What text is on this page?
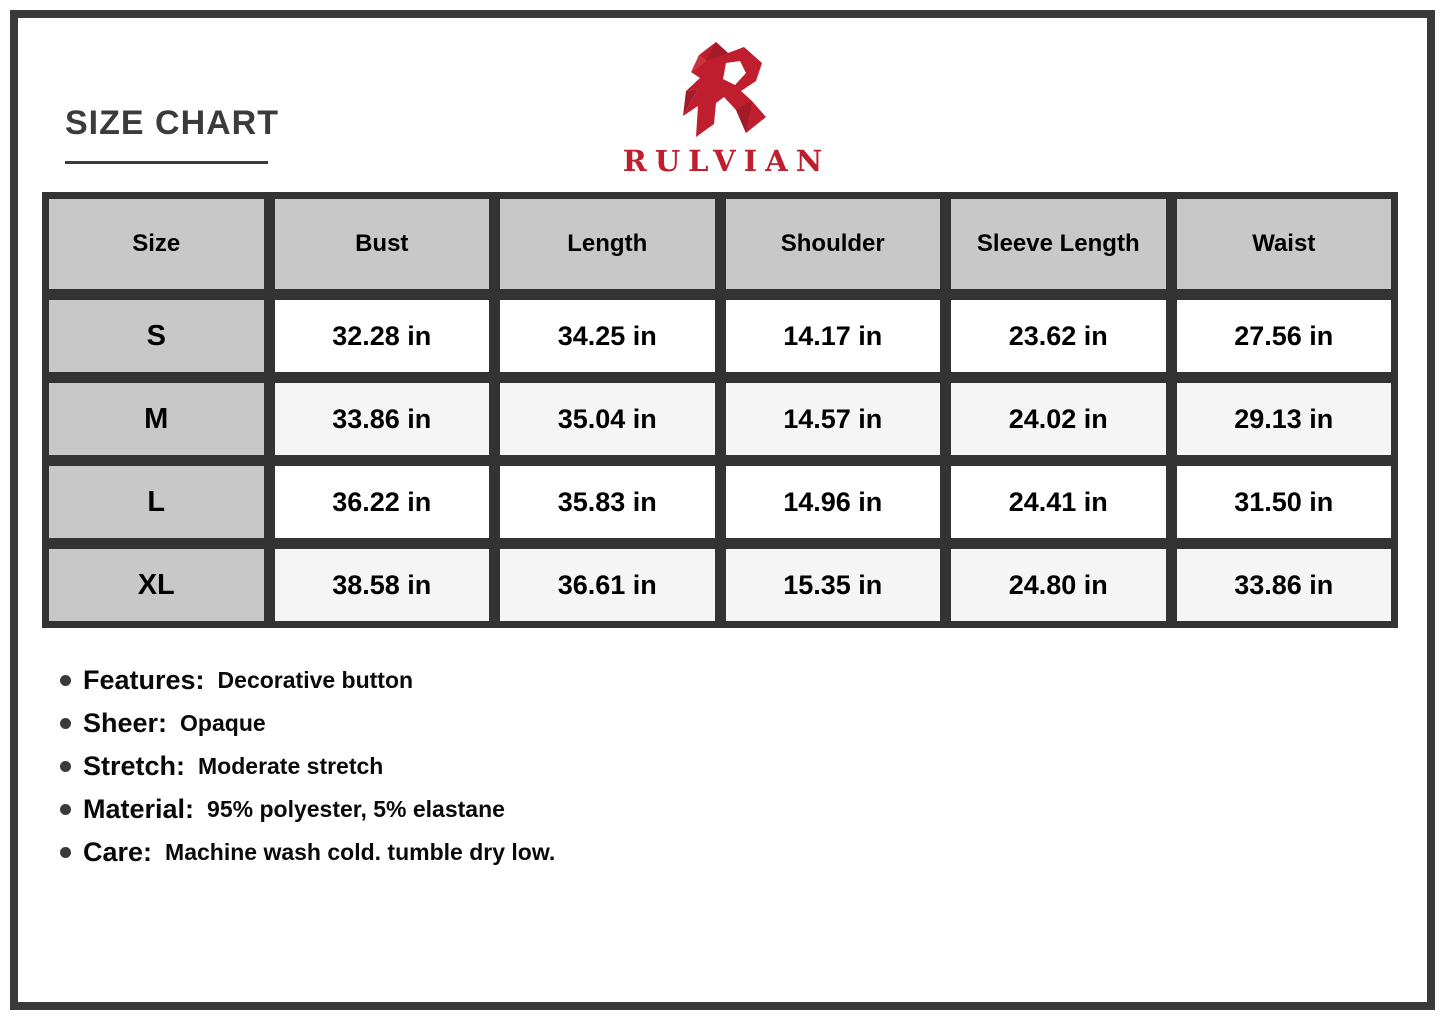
SIZE CHART
RULVIAN
Size	Bust	Length	Shoulder	Sleeve Length	Waist
S	32.28 in	34.25 in	14.17 in	23.62 in	27.56 in
M	33.86 in	35.04 in	14.57 in	24.02 in	29.13 in
L	36.22 in	35.83 in	14.96 in	24.41 in	31.50 in
XL	38.58 in	36.61 in	15.35 in	24.80 in	33.86 in
Features: Decorative button
Sheer: Opaque
Stretch: Moderate stretch
Material: 95% polyester, 5% elastane
Care: Machine wash cold. tumble dry low.
